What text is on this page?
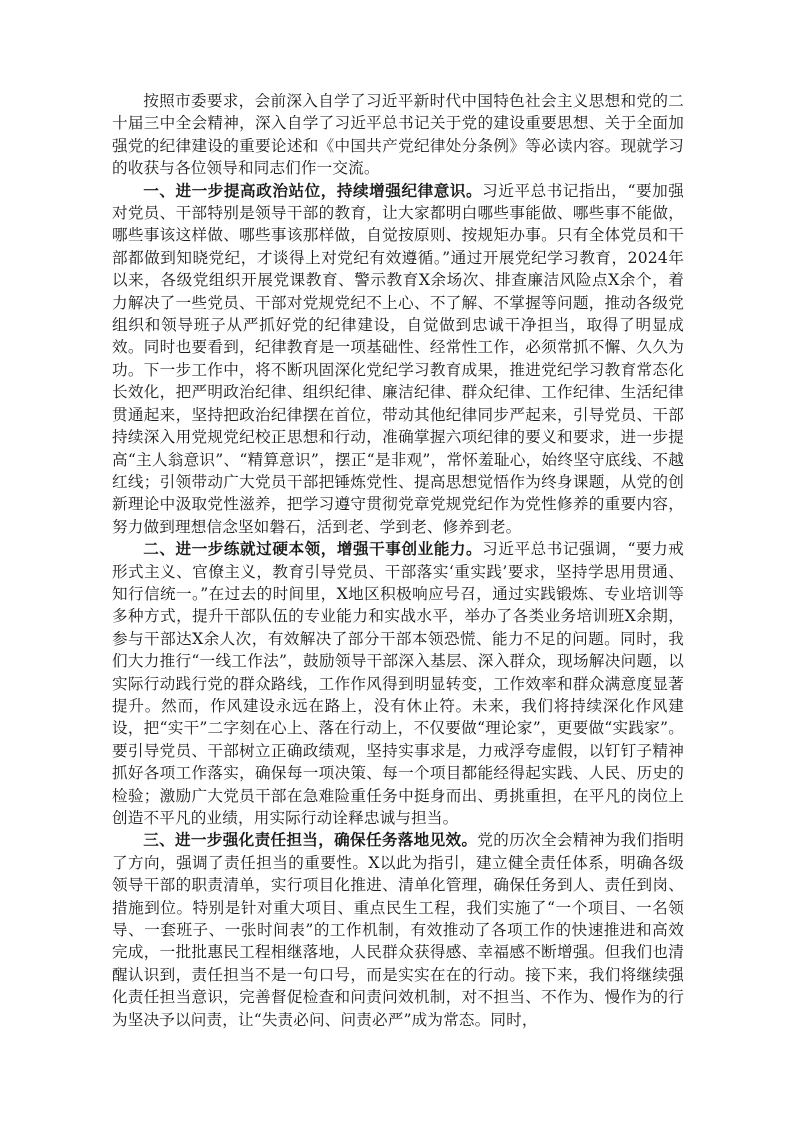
按照市委要求，会前深入自学了习近平新时代中国特色社会主义思想和党的二十届三中全会精神，深入自学了习近平总书记关于党的建设重要思想、关于全面加强党的纪律建设的重要论述和《中国共产党纪律处分条例》等必读内容。现就学习的收获与各位领导和同志们作一交流。

一、进一步提高政治站位，持续增强纪律意识。习近平总书记指出，“要加强对党员、干部特别是领导干部的教育，让大家都明白哪些事能做、哪些事不能做，哪些事该这样做、哪些事该那样做，自觉按原则、按规矩办事。只有全体党员和干部都做到知晓党纪，才谈得上对党纪有效遵循。”通过开展党纪学习教育，2024年以来，各级党组织开展党课教育、警示教育X余场次、排查廉洁风险点X余个，着力解决了一些党员、干部对党规党纪不上心、不了解、不掌握等问题，推动各级党组织和领导班子从严抓好党的纪律建设，自觉做到忠诚干净担当，取得了明显成效。同时也要看到，纪律教育是一项基础性、经常性工作，必须常抓不懈、久久为功。下一步工作中，将不断巩固深化党纪学习教育成果，推进党纪学习教育常态化长效化，把严明政治纪律、组织纪律、廉洁纪律、群众纪律、工作纪律、生活纪律贯通起来，坚持把政治纪律摆在首位，带动其他纪律同步严起来，引导党员、干部持续深入用党规党纪校正思想和行动，准确掌握六项纪律的要义和要求，进一步提高“主人翁意识”、“精算意识”，摆正“是非观”，常怀羞耻心，始终坚守底线、不越红线；引领带动广大党员干部把锤炼党性、提高思想觉悟作为终身课题，从党的创新理论中汲取党性滋养，把学习遵守贯彻党章党规党纪作为党性修养的重要内容，努力做到理想信念坚如磐石，活到老、学到老、修养到老。

二、进一步练就过硬本领，增强干事创业能力。习近平总书记强调，“要力戒形式主义、官僚主义，教育引导党员、干部落实‘重实践’要求，坚持学思用贯通、知行信统一。”在过去的时间里，X地区积极响应号召，通过实践锻炼、专业培训等多种方式，提升干部队伍的专业能力和实战水平，举办了各类业务培训班X余期，参与干部达X余人次，有效解决了部分干部本领恐慌、能力不足的问题。同时，我们大力推行“一线工作法”，鼓励领导干部深入基层、深入群众，现场解决问题，以实际行动践行党的群众路线，工作作风得到明显转变，工作效率和群众满意度显著提升。然而，作风建设永远在路上，没有休止符。未来，我们将持续深化作风建设，把“实干”二字刻在心上、落在行动上，不仅要做“理论家”，更要做“实践家”。要引导党员、干部树立正确政绩观，坚持实事求是，力戒浮夸虚假，以钉钉子精神抓好各项工作落实，确保每一项决策、每一个项目都能经得起实践、人民、历史的检验；激励广大党员干部在急难险重任务中挺身而出、勇挑重担，在平凡的岗位上创造不平凡的业绩，用实际行动诠释忠诚与担当。

三、进一步强化责任担当，确保任务落地见效。党的历次全会精神为我们指明了方向，强调了责任担当的重要性。X以此为指引，建立健全责任体系，明确各级领导干部的职责清单，实行项目化推进、清单化管理，确保任务到人、责任到岗、措施到位。特别是针对重大项目、重点民生工程，我们实施了“一个项目、一名领导、一套班子、一张时间表”的工作机制，有效推动了各项工作的快速推进和高效完成，一批批惠民工程相继落地，人民群众获得感、幸福感不断增强。但我们也清醒认识到，责任担当不是一句口号，而是实实在在的行动。接下来，我们将继续强化责任担当意识，完善督促检查和问责问效机制，对不担当、不作为、慢作为的行为坚决予以问责，让“失责必问、问责必严”成为常态。同时，
